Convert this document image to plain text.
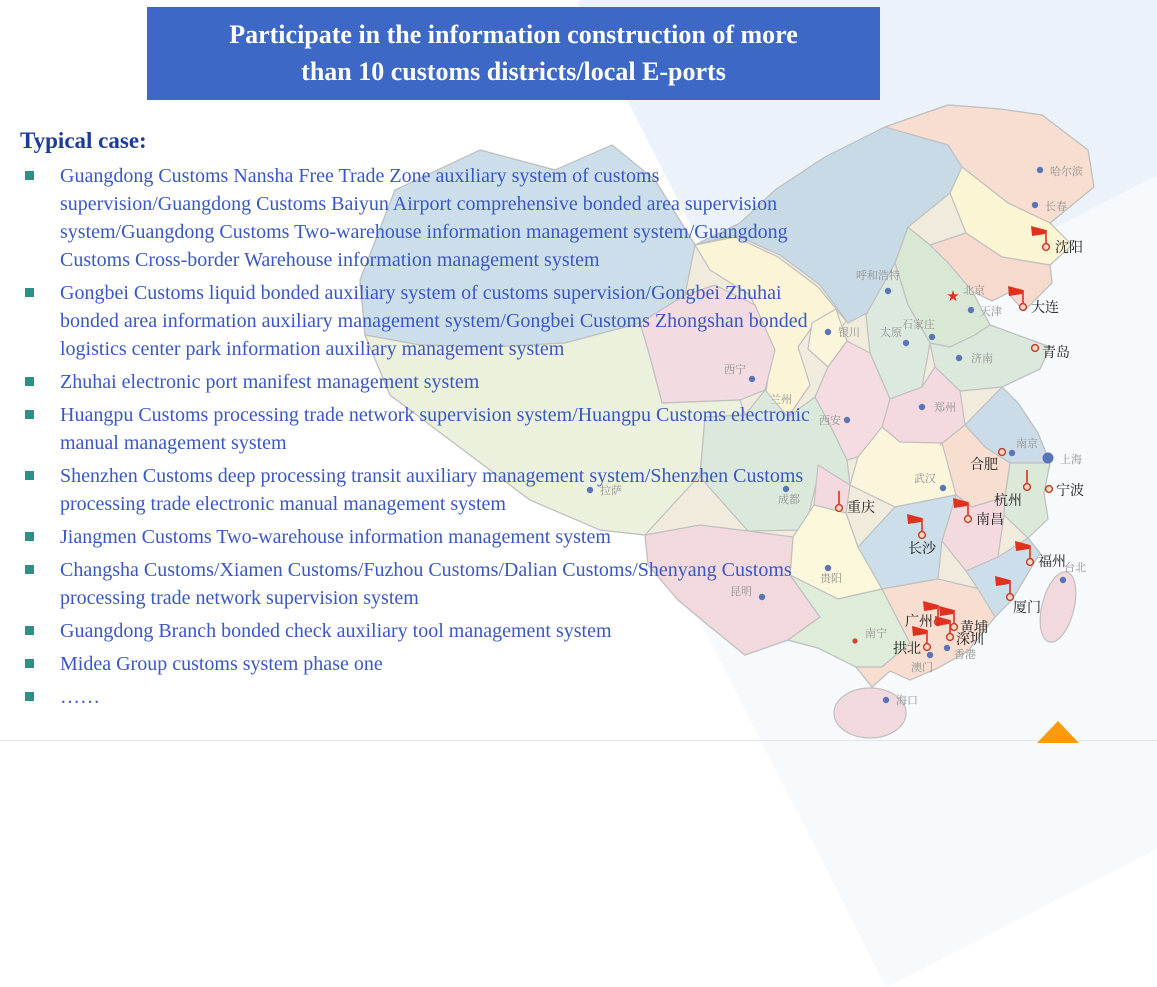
哈尔滨
长春
呼和浩特
★ 北京
天津
石家庄
太原
济南
银川
西宁
兰州
西安
郑州
南京
上海
武汉
成都
拉萨
贵阳
昆明
台北
南宁
香港
澳门
海口
沈阳
大连
青岛
合肥
杭州
宁波
重庆
南昌
长沙
福州
厦门
广州 黄埔
深圳
拱北
Participate in the information construction of more than 10 customs districts/local E-ports
Typical case:
Guangdong Customs Nansha Free Trade Zone auxiliary system of customs supervision/Guangdong Customs Baiyun Airport comprehensive bonded area supervision system/Guangdong Customs Two-warehouse information management system/Guangdong Customs Cross-border Warehouse information management system
Gongbei Customs liquid bonded auxiliary system of customs supervision/Gongbei Zhuhai bonded area information auxiliary management system/Gongbei Customs Zhongshan bonded logistics center park information auxiliary management system
Zhuhai electronic port manifest management system
Huangpu Customs processing trade network supervision system/Huangpu Customs electronic manual management system
Shenzhen Customs deep processing transit auxiliary management system/Shenzhen Customs processing trade electronic manual management system
Jiangmen Customs Two-warehouse information management system
Changsha Customs/Xiamen Customs/Fuzhou Customs/Dalian Customs/Shenyang Customs processing trade network supervision system
Guangdong Branch bonded check auxiliary tool management system
Midea Group customs system phase one
……
